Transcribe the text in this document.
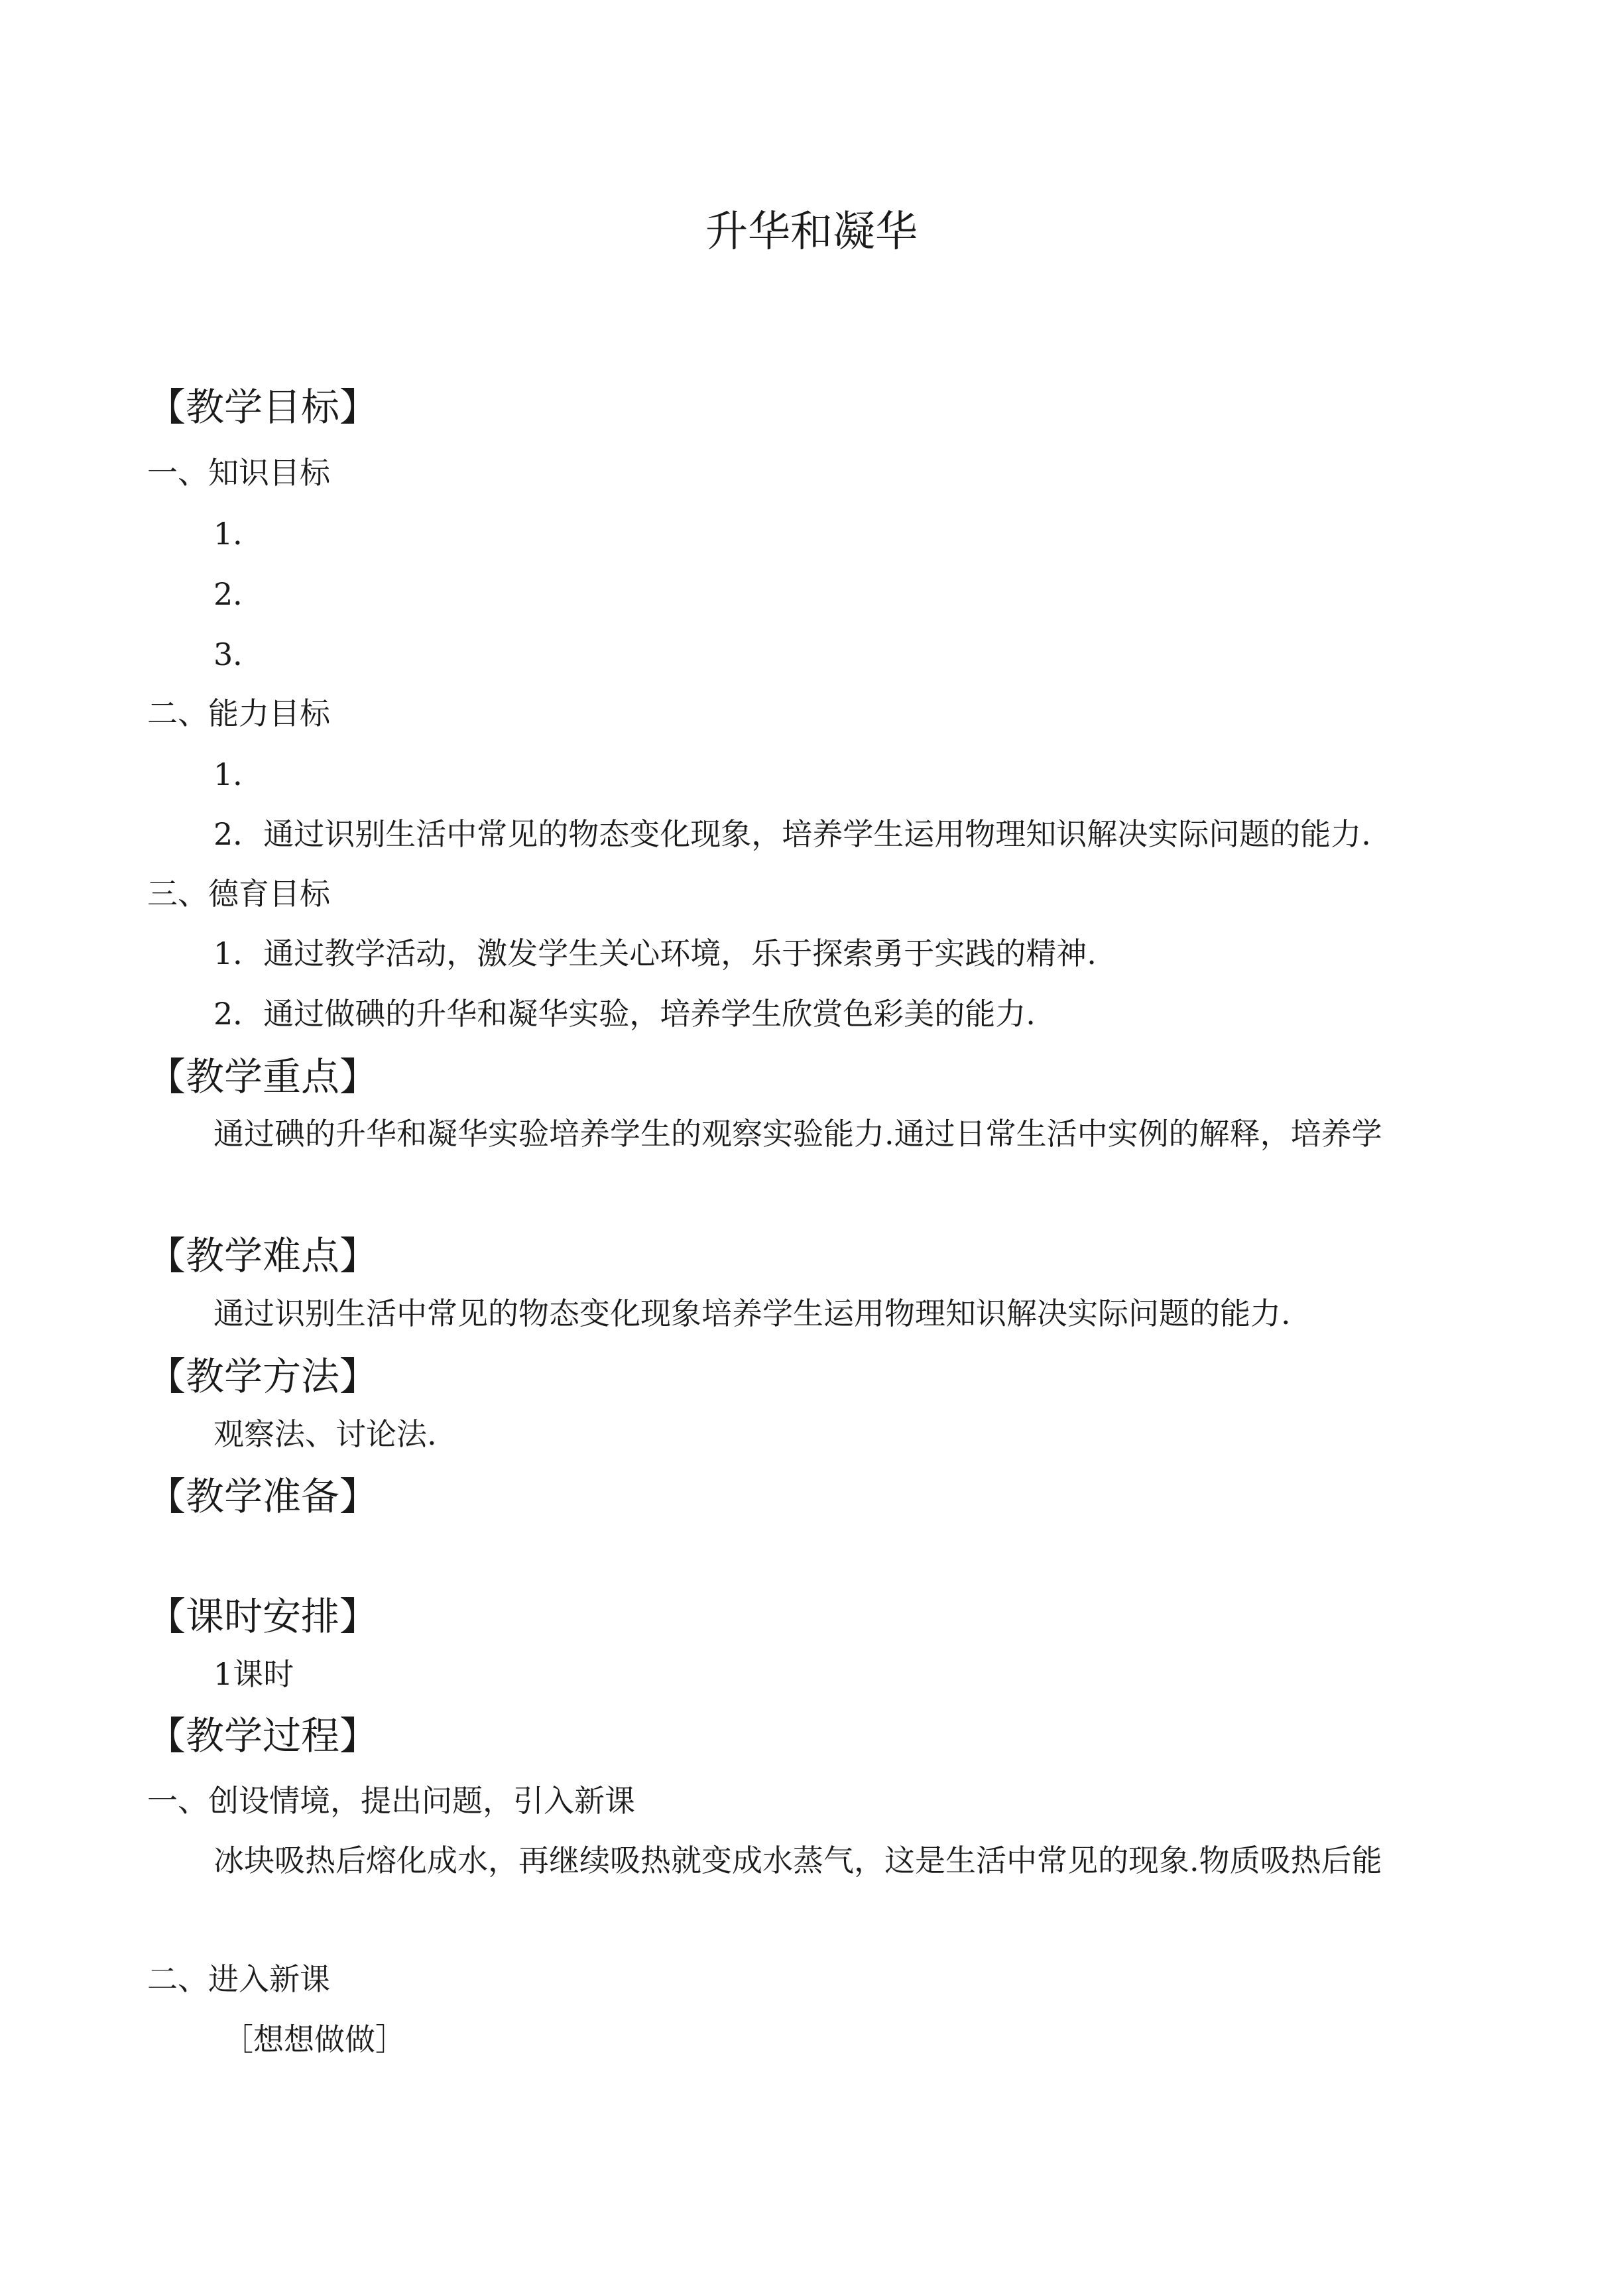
升华和凝华
【教学目标】
一、知识目标
1．
2．
3．
二、能力目标
1．
2．通过识别生活中常见的物态变化现象，培养学生运用物理知识解决实际问题的能力.
三、德育目标
1．通过教学活动，激发学生关心环境，乐于探索勇于实践的精神.
2．通过做碘的升华和凝华实验，培养学生欣赏色彩美的能力.
【教学重点】
通过碘的升华和凝华实验培养学生的观察实验能力.通过日常生活中实例的解释，培养学
【教学难点】
通过识别生活中常见的物态变化现象培养学生运用物理知识解决实际问题的能力.
【教学方法】
观察法、讨论法.
【教学准备】
【课时安排】
1课时
【教学过程】
一、创设情境，提出问题，引入新课
冰块吸热后熔化成水，再继续吸热就变成水蒸气，这是生活中常见的现象.物质吸热后能
二、进入新课
［想想做做］
